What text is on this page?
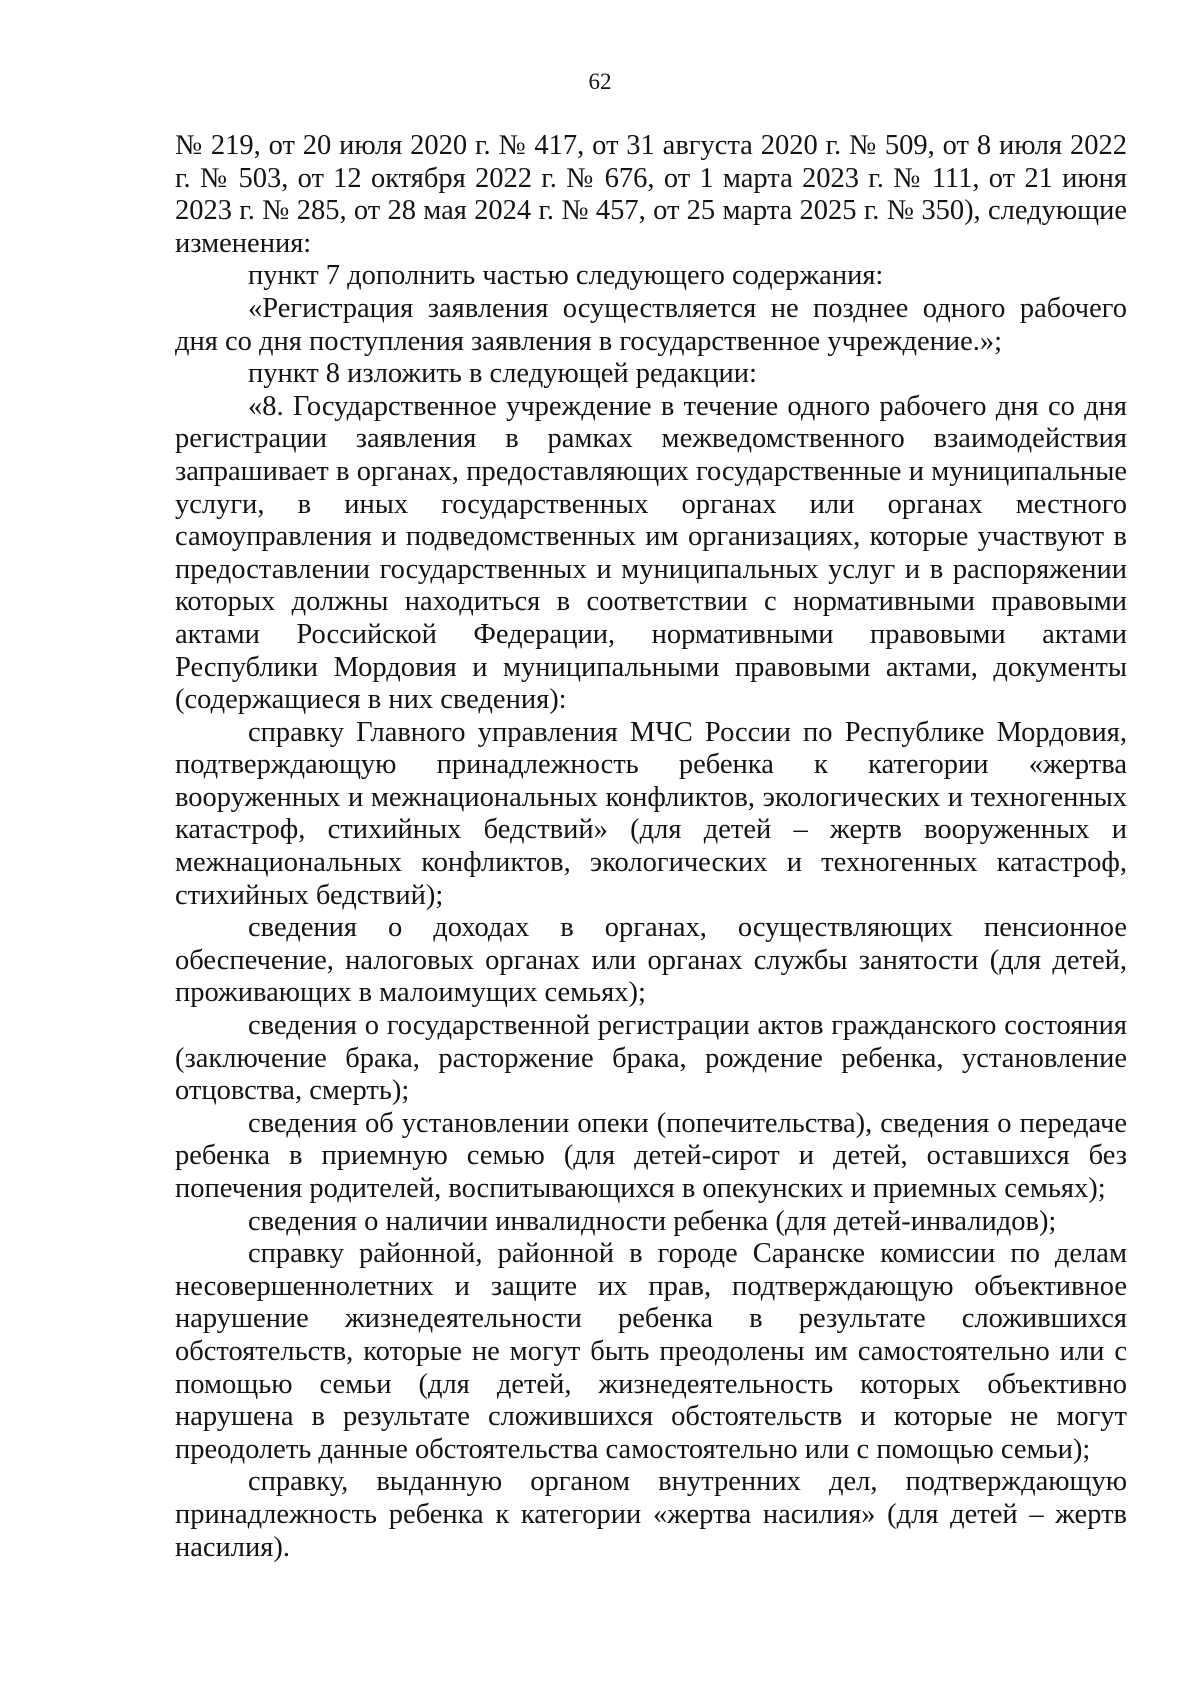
62

№ 219, от 20 июля 2020 г. № 417, от 31 августа 2020 г. № 509, от 8 июля 2022 г. № 503, от 12 октября 2022 г. № 676, от 1 марта 2023 г. № 111, от 21 июня 2023 г. № 285, от 28 мая 2024 г. № 457, от 25 марта 2025 г. № 350), следующие изменения:

пункт 7 дополнить частью следующего содержания:

«Регистрация заявления осуществляется не позднее одного рабочего дня со дня поступления заявления в государственное учреждение.»;

пункт 8 изложить в следующей редакции:

«8. Государственное учреждение в течение одного рабочего дня со дня регистрации заявления в рамках межведомственного взаимодействия запрашивает в органах, предоставляющих государственные и муниципальные услуги, в иных государственных органах или органах местного самоуправления и подведомственных им организациях, которые участвуют в предоставлении государственных и муниципальных услуг и в распоряжении которых должны находиться в соответствии с нормативными правовыми актами Российской Федерации, нормативными правовыми актами Республики Мордовия и муниципальными правовыми актами, документы (содержащиеся в них сведения):

справку Главного управления МЧС России по Республике Мордовия, подтверждающую принадлежность ребенка к категории «жертва вооруженных и межнациональных конфликтов, экологических и техногенных катастроф, стихийных бедствий» (для детей – жертв вооруженных и межнациональных конфликтов, экологических и техногенных катастроф, стихийных бедствий);

сведения о доходах в органах, осуществляющих пенсионное обеспечение, налоговых органах или органах службы занятости (для детей, проживающих в малоимущих семьях);

сведения о государственной регистрации актов гражданского состояния (заключение брака, расторжение брака, рождение ребенка, установление отцовства, смерть);

сведения об установлении опеки (попечительства), сведения о передаче ребенка в приемную семью (для детей-сирот и детей, оставшихся без попечения родителей, воспитывающихся в опекунских и приемных семьях);

сведения о наличии инвалидности ребенка (для детей-инвалидов);

справку районной, районной в городе Саранске комиссии по делам несовершеннолетних и защите их прав, подтверждающую объективное нарушение жизнедеятельности ребенка в результате сложившихся обстоятельств, которые не могут быть преодолены им самостоятельно или с помощью семьи (для детей, жизнедеятельность которых объективно нарушена в результате сложившихся обстоятельств и которые не могут преодолеть данные обстоятельства самостоятельно или с помощью семьи);

справку, выданную органом внутренних дел, подтверждающую принадлежность ребенка к категории «жертва насилия» (для детей – жертв насилия).
